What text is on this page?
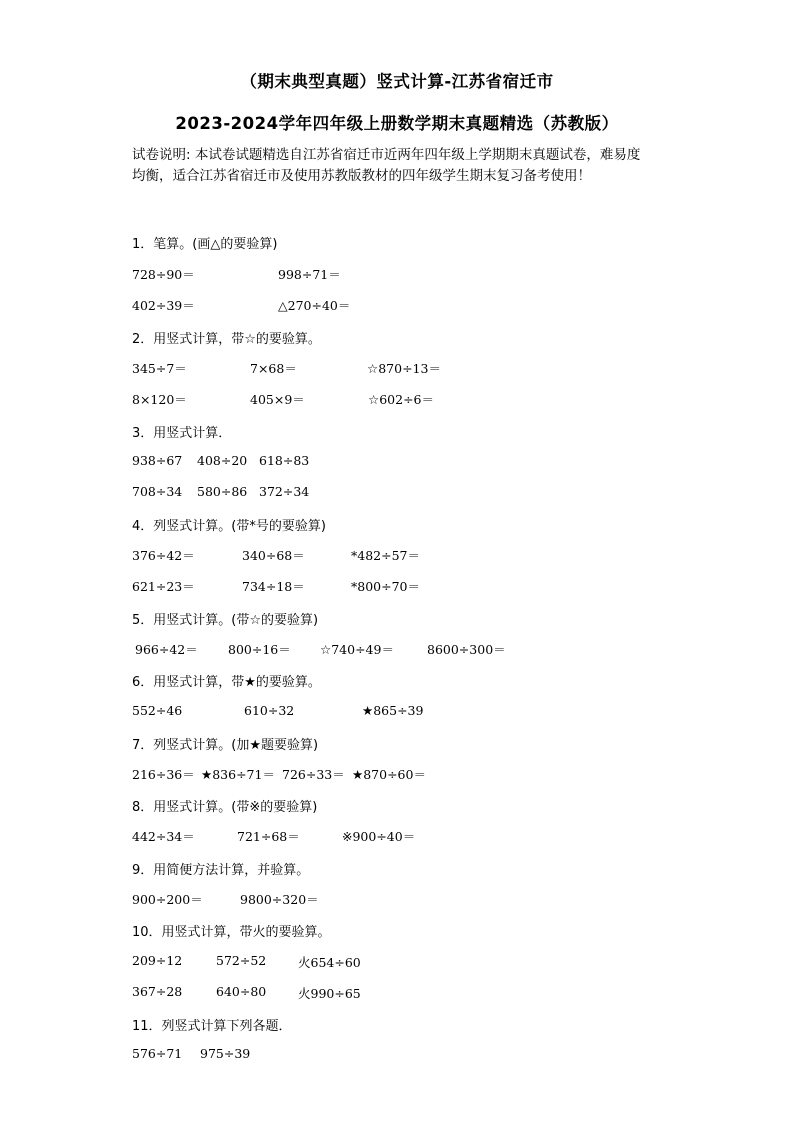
（期末典型真题）竖式计算-江苏省宿迁市
2023-2024学年四年级上册数学期末真题精选（苏教版）
试卷说明: 本试卷试题精选自江苏省宿迁市近两年四年级上学期期末真题试卷，难易度
均衡，适合江苏省宿迁市及使用苏教版教材的四年级学生期末复习备考使用！
1．笔算。(画△的要验算)
728÷90＝	998÷71＝
402÷39＝	△270÷40＝
2．用竖式计算，带☆的要验算。
345÷7＝	7×68＝	☆870÷13＝
8×120＝	405×9＝	☆602÷6＝
3．用竖式计算．
938÷67 408÷20 618÷83
708÷34 580÷86 372÷34
4．列竖式计算。(带*号的要验算)
376÷42＝	340÷68＝	*482÷57＝
621÷23＝	734÷18＝	*800÷70＝
5．用竖式计算。(带☆的要验算)
966÷42＝ 800÷16＝ ☆740÷49＝	8600÷300＝
6．用竖式计算，带★的要验算。
552÷46	610÷32	★865÷39
7．列竖式计算。(加★题要验算)
216÷36＝ ★836÷71＝ 726÷33＝ ★870÷60＝
8．用竖式计算。(带※的要验算)
442÷34＝	721÷68＝	※900÷40＝
9．用简便方法计算，并验算。
900÷200＝	9800÷320＝
10．用竖式计算，带火的要验算。
209÷12	572÷52	火654÷60
367÷28	640÷80	火990÷65
11．列竖式计算下列各题．
576÷71 975÷39
